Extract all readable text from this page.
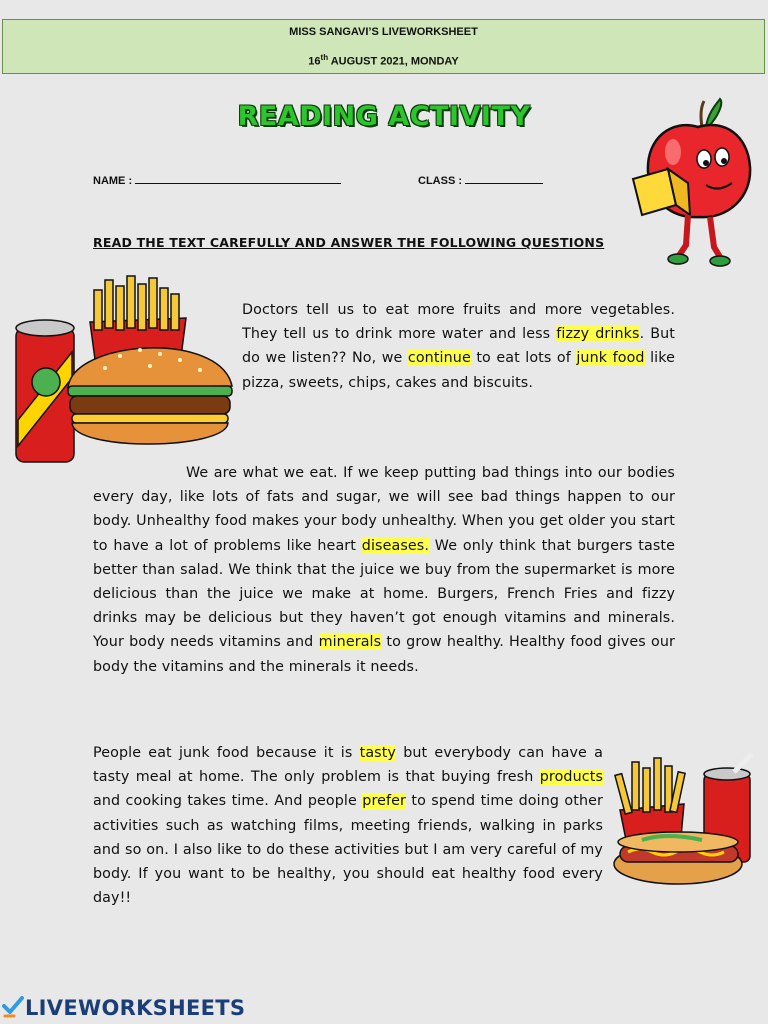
MISS SANGAVI’S LIVEWORKSHEET
16th AUGUST 2021, MONDAY
READING ACTIVITY
NAME :	CLASS :
READ THE TEXT CAREFULLY AND ANSWER THE FOLLOWING QUESTIONS
Doctors tell us to eat more fruits and more vegetables. They tell us to drink more water and less fizzy drinks. But do we listen?? No, we continue to eat lots of junk food like pizza, sweets, chips, cakes and biscuits.
We are what we eat. If we keep putting bad things into our bodies every day, like lots of fats and sugar, we will see bad things happen to our body. Unhealthy food makes your body unhealthy. When you get older you start to have a lot of problems like heart diseases. We only think that burgers taste better than salad. We think that the juice we buy from the supermarket is more delicious than the juice we make at home. Burgers, French Fries and fizzy drinks may be delicious but they haven’t got enough vitamins and minerals. Your body needs vitamins and minerals to grow healthy. Healthy food gives our body the vitamins and the minerals it needs.
People eat junk food because it is tasty but everybody can have a tasty meal at home. The only problem is that buying fresh products and cooking takes time. And people prefer to spend time doing other activities such as watching films, meeting friends, walking in parks and so on. I also like to do these activities but I am very careful of my body. If you want to be healthy, you should eat healthy food every day!!
LIVEWORKSHEETS
